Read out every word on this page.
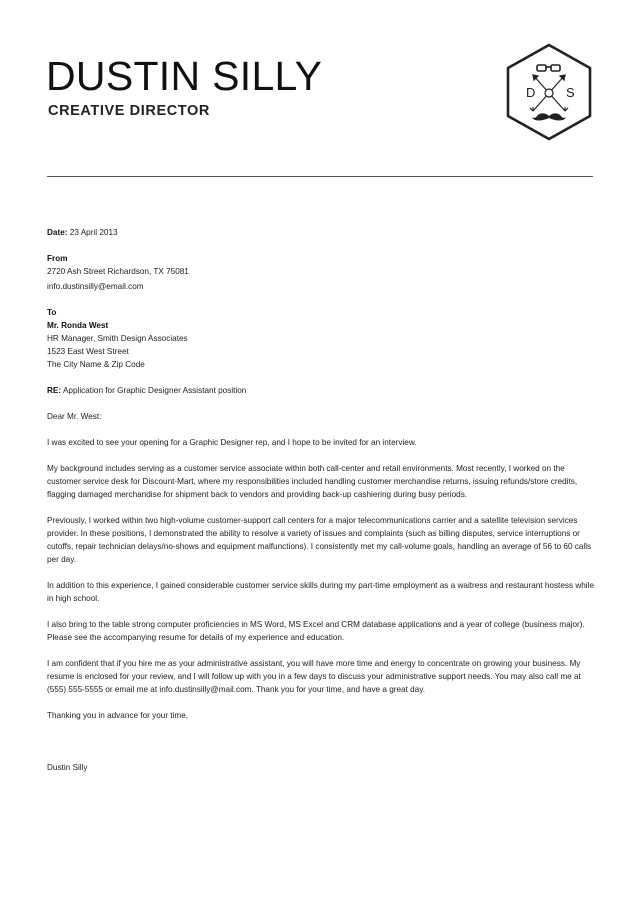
DUSTIN SILLY
CREATIVE DIRECTOR
D S

Date: 23 April 2013

From
2720 Ash Street Richardson, TX 75081
info.dustinsilly@email.com
To
Mr. Ronda West
HR Manager, Smith Design Associates
1523 East West Street
The City Name & Zip Code

RE: Application for Graphic Designer Assistant position

Dear Mr. West:

I was excited to see your opening for a Graphic Designer rep, and I hope to be invited for an interview.

My background includes serving as a customer service associate within both call-center and retail environments. Most recently, I worked on the customer service desk for Discount-Mart, where my responsibilities included handling customer merchandise returns, issuing refunds/store credits, flagging damaged merchandise for shipment back to vendors and providing back-up cashiering during busy periods.

Previously, I worked within two high-volume customer-support call centers for a major telecommunications carrier and a satellite television services provider. In these positions, I demonstrated the ability to resolve a variety of issues and complaints (such as billing disputes, service interruptions or cutoffs, repair technician delays/no-shows and equipment malfunctions). I consistently met my call-volume goals, handling an average of 56 to 60 calls per day.

In addition to this experience, I gained considerable customer service skills during my part-time employment as a waitress and restaurant hostess while in high school.

I also bring to the table strong computer proficiencies in MS Word, MS Excel and CRM database applications and a year of college (business major). Please see the accompanying resume for details of my experience and education.

I am confident that if you hire me as your administrative assistant, you will have more time and energy to concentrate on growing your business. My resume is enclosed for your review, and I will follow up with you in a few days to discuss your administrative support needs. You may also call me at (555) 555-5555 or email me at info.dustinsilly@mail.com. Thank you for your time, and have a great day.

Thanking you in advance for your time,

Dustin Silly
